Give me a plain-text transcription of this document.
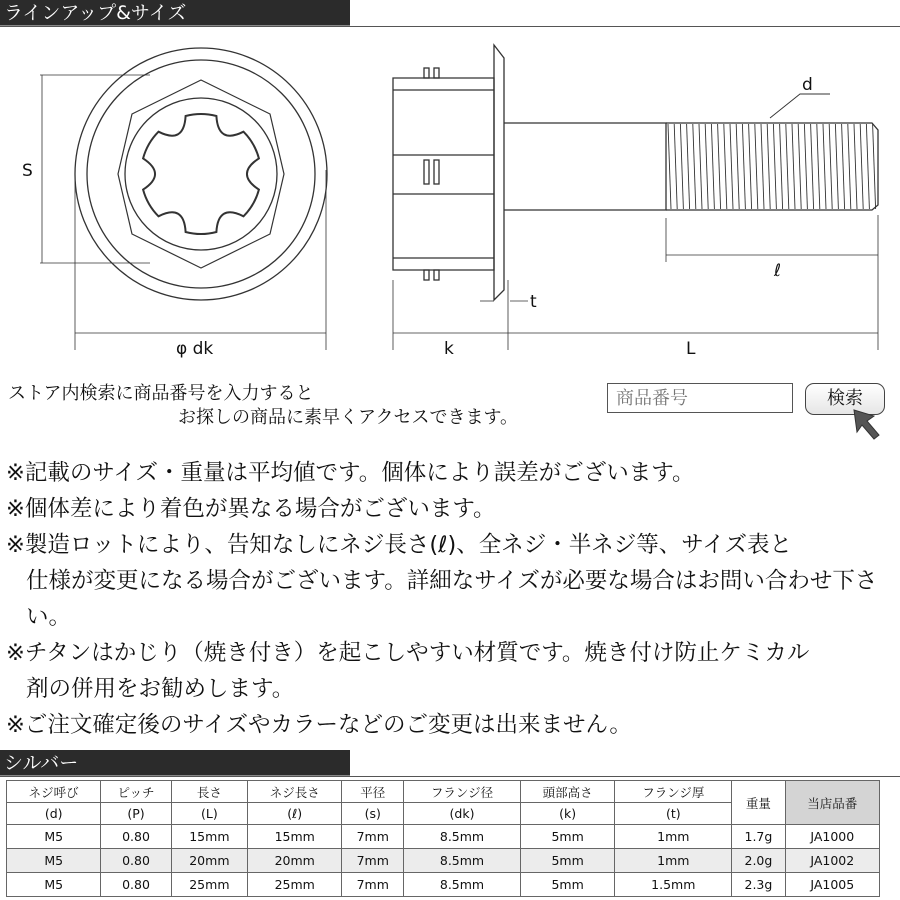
ラインアップ&サイズ
S
φ dk	k	L
t
d
ℓ
ストア内検索に商品番号を入力すると
お探しの商品に素早くアクセスできます。
商品番号
検索

※記載のサイズ・重量は平均値です。個体により誤差がございます。

※個体差により着色が異なる場合がございます。

※製造ロットにより、告知なしにネジ長さ(ℓ)、全ネジ・半ネジ等、サイズ表と
仕様が変更になる場合がございます。詳細なサイズが必要な場合はお問い合わせ下さい。

※チタンはかじり（焼き付き）を起こしやすい材質です。焼き付け防止ケミカル
剤の併用をお勧めします。

※ご注文確定後のサイズやカラーなどのご変更は出来ません。

シルバー
ネジ呼び	ピッチ	長さ	ネジ長さ	平径	フランジ径	頭部高さ	フランジ厚	重量	当店品番
(d)	(P)	(L)	(ℓ)	(s)	(dk)	(k)	(t)		
M5	0.80	15mm	15mm	7mm	8.5mm	5mm	1mm	1.7g	JA1000
M5	0.80	20mm	20mm	7mm	8.5mm	5mm	1mm	2.0g	JA1002
M5	0.80	25mm	25mm	7mm	8.5mm	5mm	1.5mm	2.3g	JA1005
